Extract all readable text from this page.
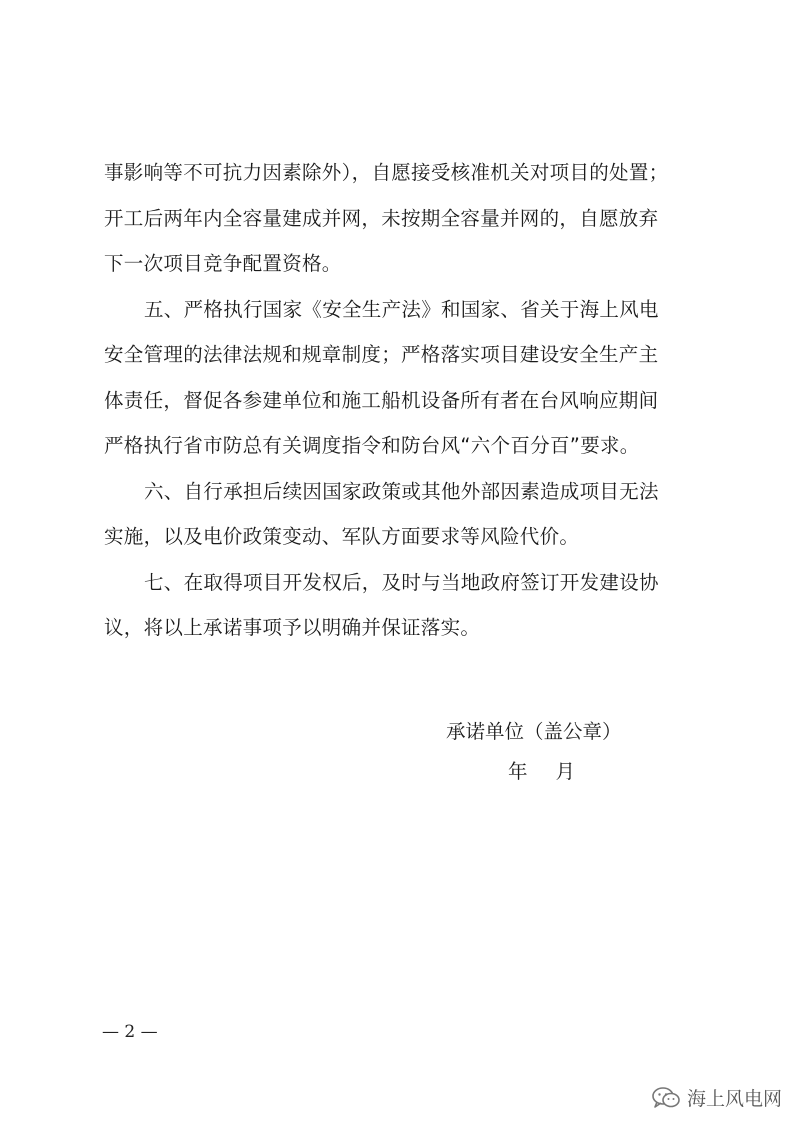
事影响等不可抗力因素除外），自愿接受核准机关对项目的处置；
开工后两年内全容量建成并网，未按期全容量并网的，自愿放弃
下一次项目竞争配置资格。
五、严格执行国家《安全生产法》和国家、省关于海上风电
安全管理的法律法规和规章制度；严格落实项目建设安全生产主
体责任，督促各参建单位和施工船机设备所有者在台风响应期间
严格执行省市防总有关调度指令和防台风“六个百分百”要求。
六、自行承担后续因国家政策或其他外部因素造成项目无法
实施，以及电价政策变动、军队方面要求等风险代价。
七、在取得项目开发权后，及时与当地政府签订开发建设协
议，将以上承诺事项予以明确并保证落实。
承诺单位（盖公章）
年 月
— 2 —
海上风电网
